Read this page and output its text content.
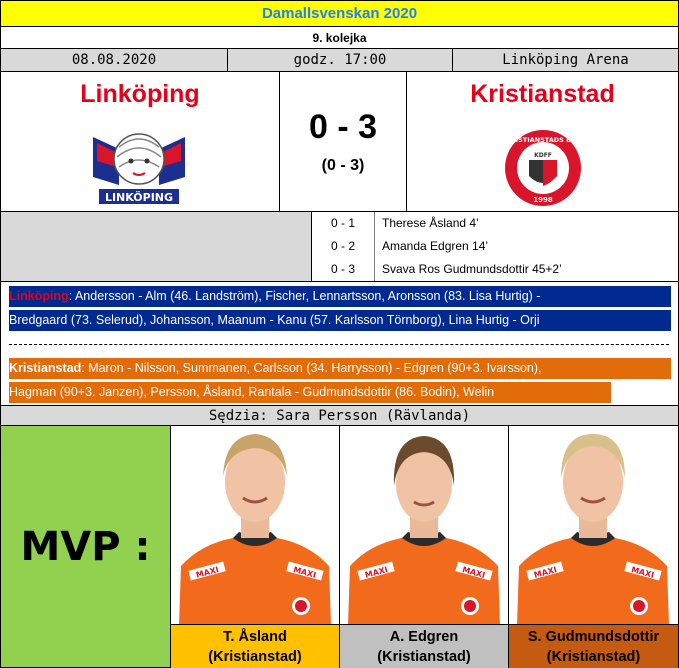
Damallsvenskan 2020
9. kolejka
08.08.2020	godz. 17:00	Linköping Arena
Linköping
LINKÖPING
0 - 3
(0 - 3)
Kristianstad
KRISTIANSTADS DFF
KDFF
1998
0 - 1	Therese Åsland 4’
0 - 2	Amanda Edgren 14’
0 - 3	Svava Ros Gudmundsdottir 45+2’
Linköping: Andersson - Alm (46. Landström), Fischer, Lennartsson, Aronsson (83. Lisa Hurtig) -
Bredgaard (73. Selerud), Johansson, Maanum - Kanu (57. Karlsson Törnborg), Lina Hurtig - Orji
Kristianstad: Maron - Nilsson, Summanen, Carlsson (34. Harrysson) - Edgren (90+3. Ivarsson),
Hagman (90+3. Janzen), Persson, Åsland, Rantala - Gudmundsdottir (86. Bodin), Welin
Sędzia: Sara Persson (Rävlanda)
MVP :
MAXI	MAXI	MAXI	MAXI	MAXI	MAXI
T. Åsland
(Kristianstad)
A. Edgren
(Kristianstad)
S. Gudmundsdottir
(Kristianstad)
